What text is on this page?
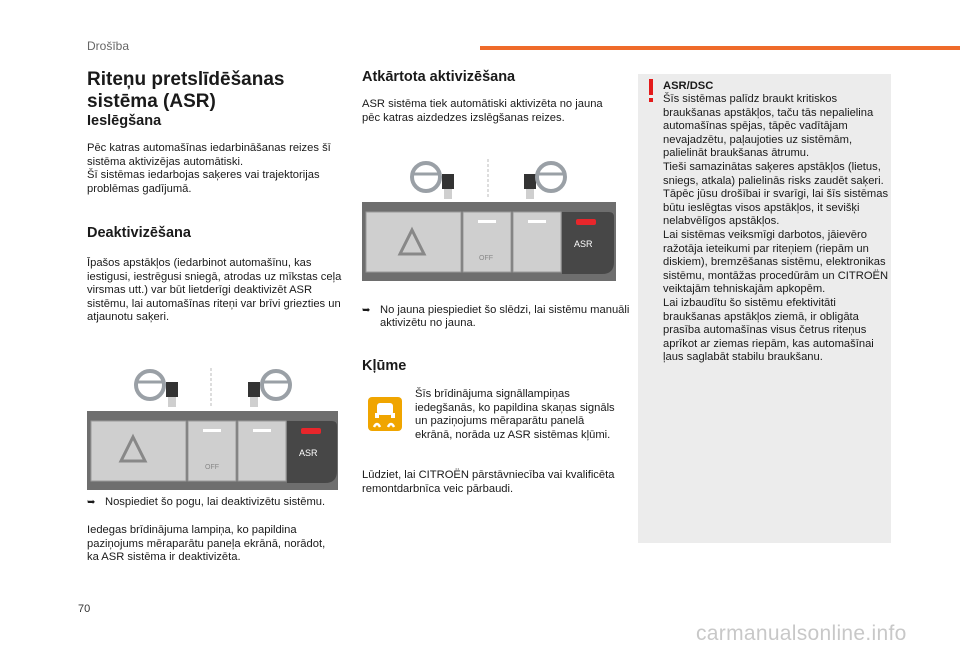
Drošība
Riteņu pretslīdēšanas sistēma (ASR)
Ieslēgšana

Pēc katras automašīnas iedarbināšanas reizes šī sistēma aktivizējas automātiski.
Šī sistēmas iedarbojas saķeres vai trajektorijas problēmas gadījumā.

Deaktivizēšana

Īpašos apstākļos (iedarbinot automašīnu, kas iestigusi, iestrēgusi sniegā, atrodas uz mīkstas ceļa virsmas utt.) var būt lietderīgi deaktivizēt ASR sistēmu, lai automašīnas riteņi var brīvi griezties un atjaunotu saķeri.

ASR
OFF
➥ Nospiediet šo pogu, lai deaktivizētu sistēmu.

Iedegas brīdinājuma lampiņa, ko papildina paziņojums mēraparātu paneļa ekrānā, norādot, ka ASR sistēma ir deaktivizēta.

Atkārtota aktivizēšana

ASR sistēma tiek automātiski aktivizēta no jauna pēc katras aizdedzes izslēgšanas reizes.

ASR
OFF
➥ No jauna piespiediet šo slēdzi, lai sistēmu manuāli aktivizētu no jauna.
Kļūme

Šīs brīdinājuma signāllampiņas iedegšanās, ko papildina skaņas signāls un paziņojums mēraparātu panelā ekrānā, norāda uz ASR sistēmas kļūmi.

Lūdziet, lai CITROËN pārstāvniecība vai kvalificēta remontdarbnīca veic pārbaudi.

ASR/DSC
Šīs sistēmas palīdz braukt kritiskos braukšanas apstākļos, taču tās nepalielina automašīnas spējas, tāpēc vadītājam nevajadzētu, paļaujoties uz sistēmām, palielināt braukšanas ātrumu.
Tieši samazinātas saķeres apstākļos (lietus, sniegs, atkala) palielinās risks zaudēt saķeri. Tāpēc jūsu drošībai ir svarīgi, lai šīs sistēmas būtu ieslēgtas visos apstākļos, it sevišķi nelabvēlīgos apstākļos.
Lai sistēmas veiksmīgi darbotos, jāievēro ražotāja ieteikumi par riteņiem (riepām un diskiem), bremzēšanas sistēmu, elektronikas sistēmu, montāžas procedūrām un CITROËN veiktajām tehniskajām apkopēm.
Lai izbaudītu šo sistēmu efektivitāti braukšanas apstākļos ziemā, ir obligāta prasība automašīnas visus četrus riteņus aprīkot ar ziemas riepām, kas automašīnai ļaus saglabāt stabilu braukšanu.
70
carmanualsonline.info
